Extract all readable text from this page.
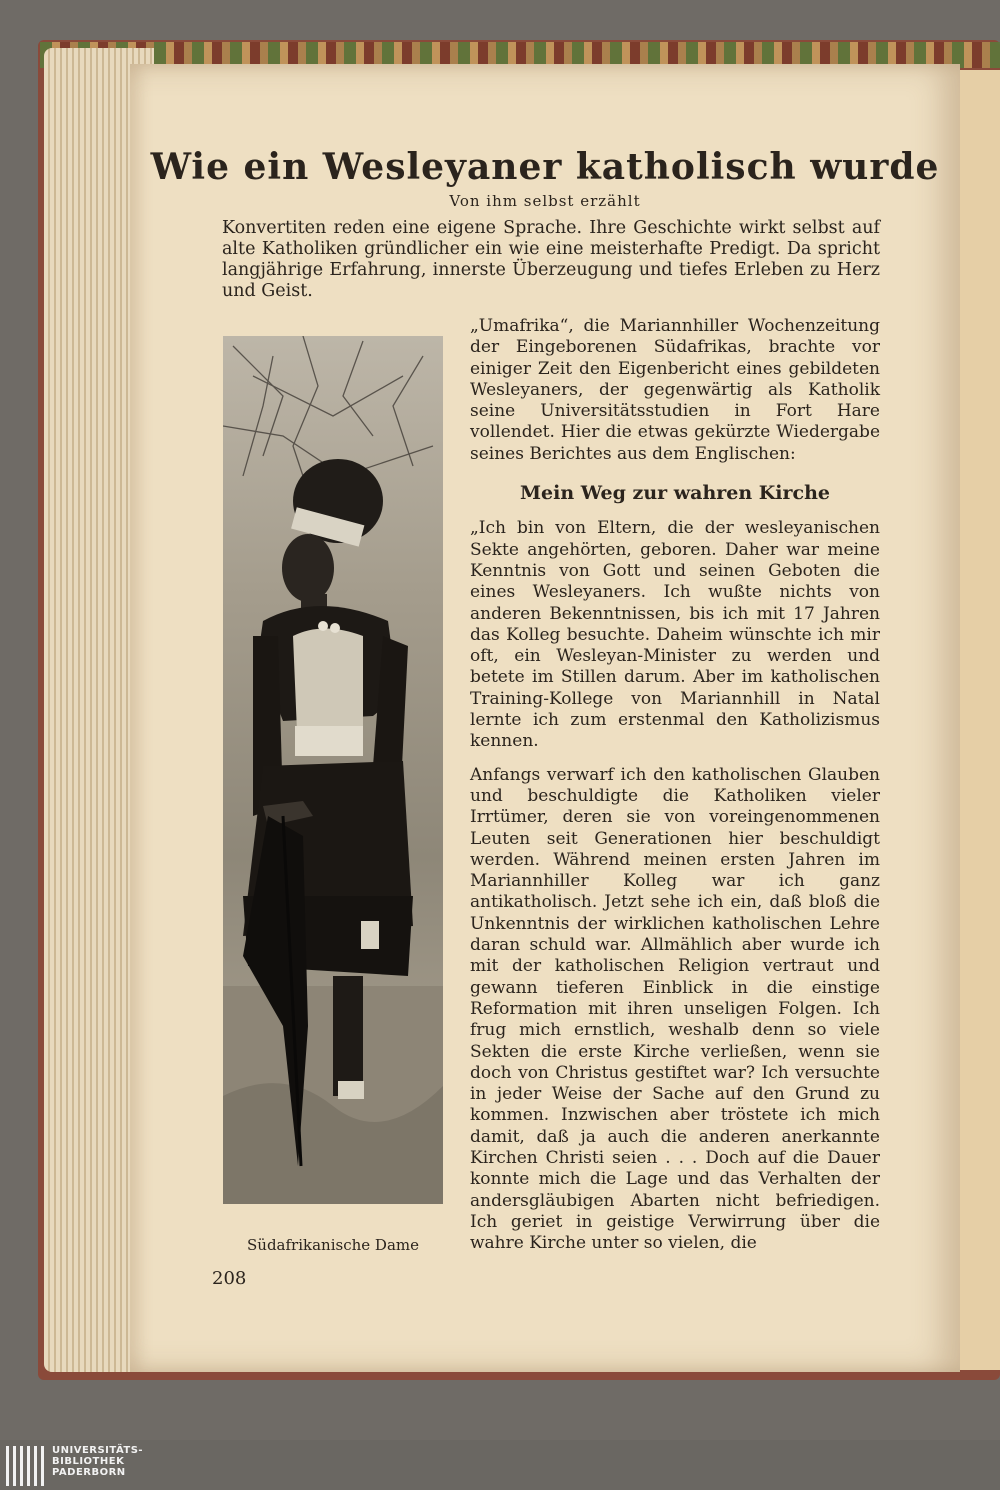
Wie ein Wesleyaner katholisch wurde
Von ihm selbst erzählt

Konvertiten reden eine eigene Sprache. Ihre Geschichte wirkt selbst auf alte Katholiken gründlicher ein wie eine meisterhafte Predigt. Da spricht langjährige Erfahrung, innerste Überzeugung und tiefes Erleben zu Herz und Geist.

Südafrikanische Dame
208

„Umafrika“, die Mariannhiller Wochenzeitung der Eingeborenen Südafrikas, brachte vor einiger Zeit den Eigenbericht eines gebildeten Wesleyaners, der gegenwärtig als Katholik seine Universitätsstudien in Fort Hare vollendet. Hier die etwas gekürzte Wiedergabe seines Berichtes aus dem Englischen:

Mein Weg zur wahren Kirche

„Ich bin von Eltern, die der wesleyanischen Sekte angehörten, geboren. Daher war meine Kenntnis von Gott und seinen Geboten die eines Wesleyaners. Ich wußte nichts von anderen Bekenntnissen, bis ich mit 17 Jahren das Kolleg besuchte. Daheim wünschte ich mir oft, ein Wesleyan-Minister zu werden und betete im Stillen darum. Aber im katholischen Training-Kollege von Mariannhill in Natal lernte ich zum erstenmal den Katholizismus kennen.

Anfangs verwarf ich den katholischen Glauben und beschuldigte die Katholiken vieler Irrtümer, deren sie von voreingenommenen Leuten seit Generationen hier beschuldigt werden. Während meinen ersten Jahren im Mariannhiller Kolleg war ich ganz antikatholisch. Jetzt sehe ich ein, daß bloß die Unkenntnis der wirklichen katholischen Lehre daran schuld war. Allmählich aber wurde ich mit der katholischen Religion vertraut und gewann tieferen Einblick in die einstige Reformation mit ihren unseligen Folgen. Ich frug mich ernstlich, weshalb denn so viele Sekten die erste Kirche verließen, wenn sie doch von Christus gestiftet war? Ich versuchte in jeder Weise der Sache auf den Grund zu kommen. Inzwischen aber tröstete ich mich damit, daß ja auch die anderen anerkannte Kirchen Christi seien . . . Doch auf die Dauer konnte mich die Lage und das Verhalten der andersgläubigen Abarten nicht befriedigen. Ich geriet in geistige Verwirrung über die wahre Kirche unter so vielen, die

UNIVERSITÄTS-
BIBLIOTHEK
PADERBORN
